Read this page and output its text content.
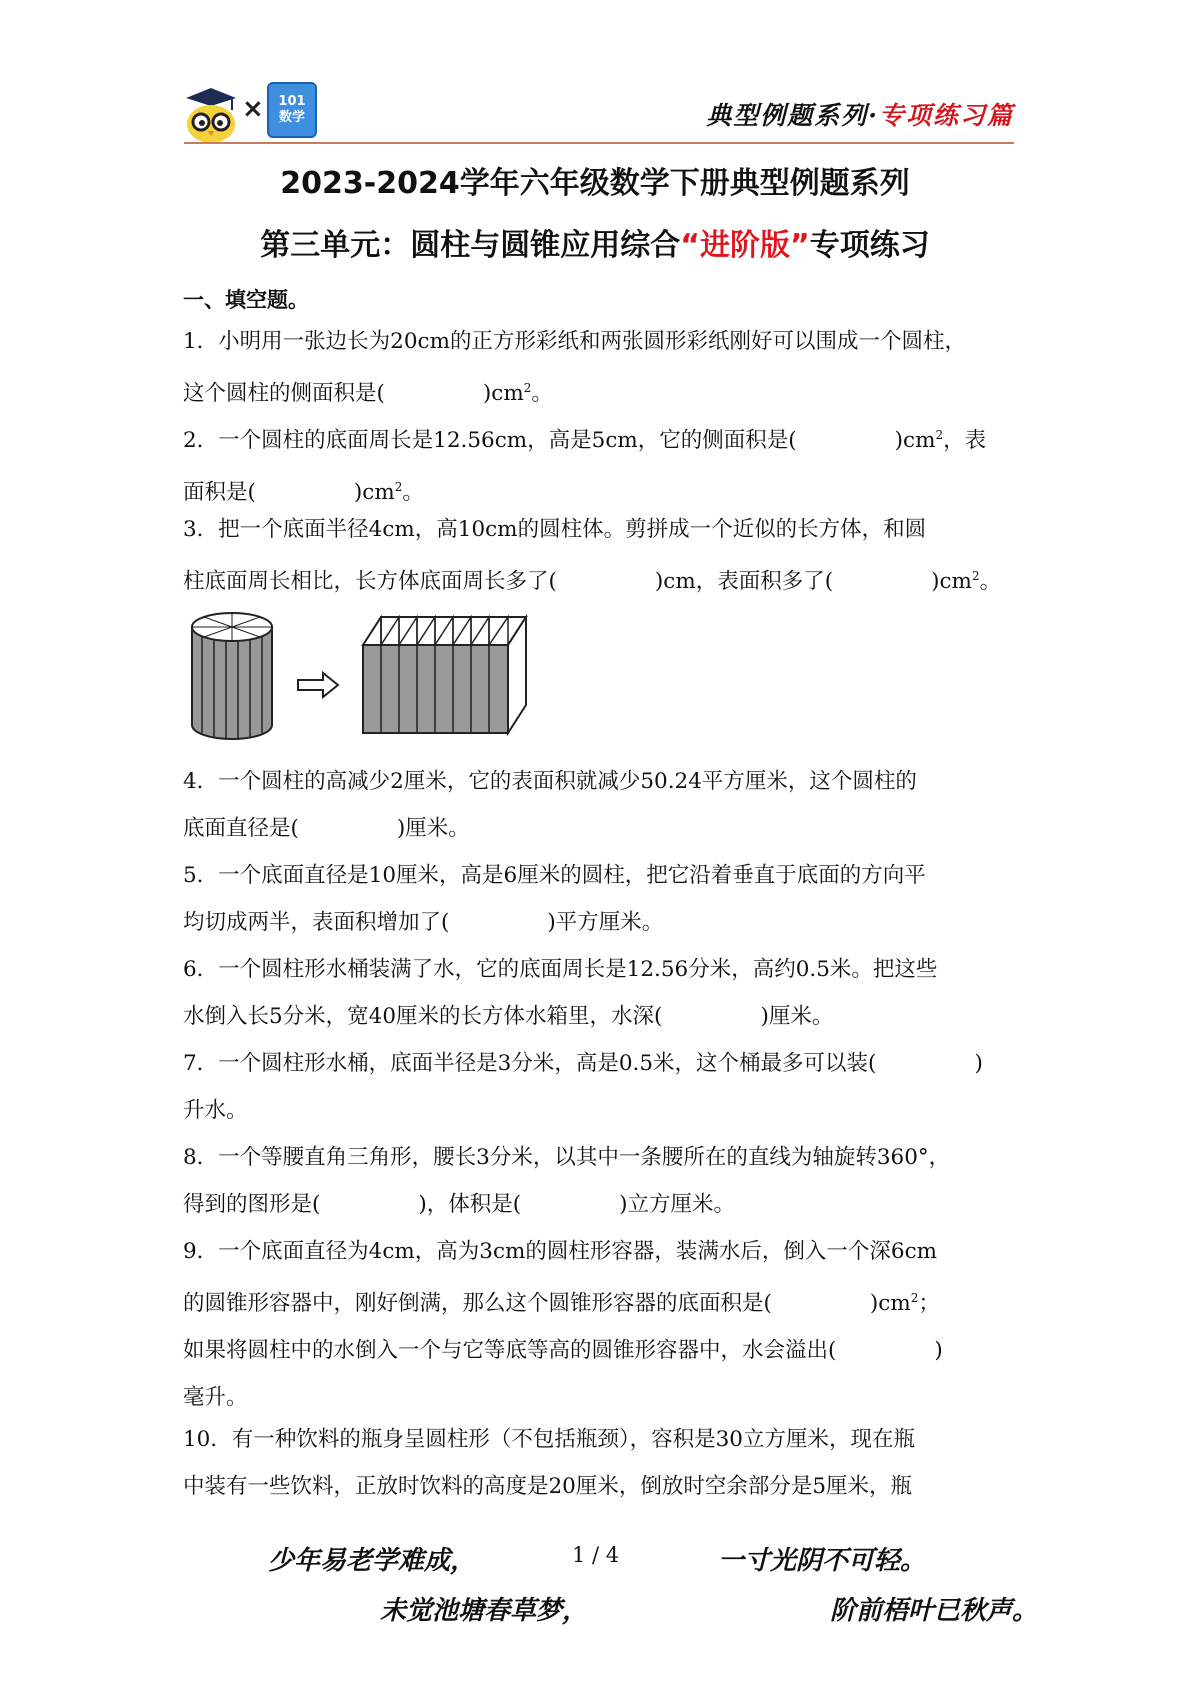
×	101
数学	典型例题系列·专项练习篇
2023-2024学年六年级数学下册典型例题系列
第三单元：圆柱与圆锥应用综合“进阶版”专项练习
一、填空题。
1．小明用一张边长为20cm的正方形彩纸和两张圆形彩纸刚好可以围成一个圆柱，
这个圆柱的侧面积是(	)$cm^2$。
2．一个圆柱的底面周长是12.56cm，高是5cm，它的侧面积是(	)$cm^2$，表
面积是(	)$cm^2$。
3．把一个底面半径4cm，高10cm的圆柱体。剪拼成一个近似的长方体，和圆
柱底面周长相比，长方体底面周长多了(	)cm，表面积多了(	)$cm^2$。
4．一个圆柱的高减少2厘米，它的表面积就减少50.24平方厘米，这个圆柱的
底面直径是(	)厘米。
5．一个底面直径是10厘米，高是6厘米的圆柱，把它沿着垂直于底面的方向平
均切成两半，表面积增加了(	)平方厘米。
6．一个圆柱形水桶装满了水，它的底面周长是12.56分米，高约0.5米。把这些
水倒入长5分米，宽40厘米的长方体水箱里，水深(	)厘米。
7．一个圆柱形水桶，底面半径是3分米，高是0.5米，这个桶最多可以装(	)
升水。
8．一个等腰直角三角形，腰长3分米，以其中一条腰所在的直线为轴旋转360°，
得到的图形是(	)，体积是(	)立方厘米。
9．一个底面直径为4cm，高为3cm的圆柱形容器，装满水后，倒入一个深6cm
的圆锥形容器中，刚好倒满，那么这个圆锥形容器的底面积是(	)$cm^2$；
如果将圆柱中的水倒入一个与它等底等高的圆锥形容器中，水会溢出(	)
毫升。
10．有一种饮料的瓶身呈圆柱形（不包括瓶颈），容积是30立方厘米，现在瓶
中装有一些饮料，正放时饮料的高度是20厘米，倒放时空余部分是5厘米，瓶
少年易老学难成，	一寸光阴不可轻。
1 / 4
未觉池塘春草梦，	阶前梧叶已秋声。
